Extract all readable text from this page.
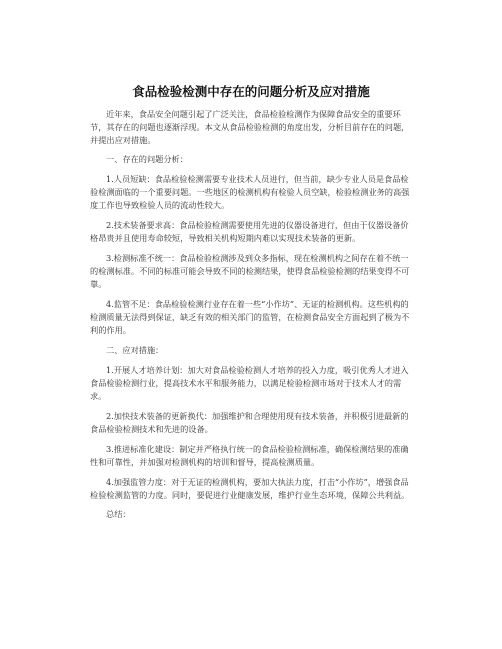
食品检验检测中存在的问题分析及应对措施

近年来，食品安全问题引起了广泛关注，食品检验检测作为保障食品安全的重要环节，其存在的问题也逐渐浮现。本文从食品检验检测的角度出发，分析目前存在的问题，并提出应对措施。

一、存在的问题分析：

1.人员短缺：食品检验检测需要专业技术人员进行，但当前，缺少专业人员是食品检验检测面临的一个重要问题。一些地区的检测机构有检验人员空缺，检验检测业务的高强度工作也导致检验人员的流动性较大。

2.技术装备要求高：食品检验检测需要使用先进的仪器设备进行，但由于仪器设备价格昂贵并且使用寿命较短，导致相关机构短期内难以实现技术装备的更新。

3.检测标准不统一：食品检验检测涉及到众多指标，现在检测机构之间存在着不统一的检测标准。不同的标准可能会导致不同的检测结果，使得食品检验检测的结果变得不可靠。

4.监管不足：食品检验检测行业存在着一些“小作坊”、无证的检测机构。这些机构的检测质量无法得到保证，缺乏有效的相关部门的监管，在检测食品安全方面起到了极为不利的作用。

二、应对措施：

1.开展人才培养计划：加大对食品检验检测人才培养的投入力度，吸引优秀人才进入食品检验检测行业，提高技术水平和服务能力，以满足检验检测市场对于技术人才的需求。

2.加快技术装备的更新换代：加强维护和合理使用现有技术装备，并积极引进最新的食品检验检测技术和先进的设备。

3.推进标准化建设：制定并严格执行统一的食品检验检测标准，确保检测结果的准确性和可靠性，并加强对检测机构的培训和督导，提高检测质量。

4.加强监管力度：对于无证的检测机构，要加大执法力度，打击“小作坊”，增强食品检验检测监管的力度。同时，要促进行业健康发展，维护行业生态环境，保障公共利益。

总结：
